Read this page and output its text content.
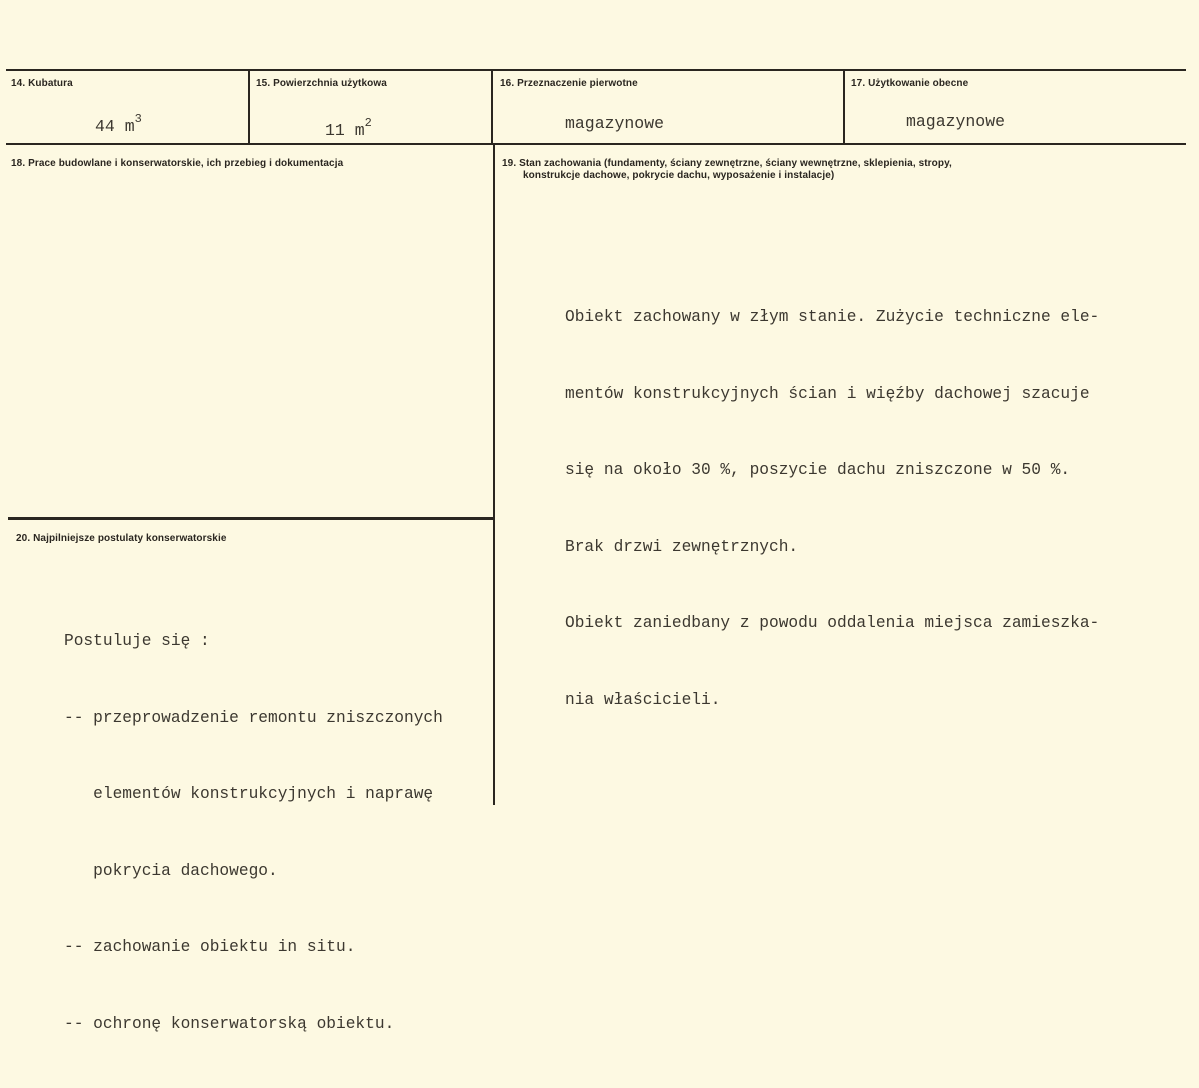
14. Kubatura
44 $m^3$
15. Powierzchnia użytkowa
11 $m^2$
16. Przeznaczenie pierwotne
magazynowe
17. Użytkowanie obecne
magazynowe
18. Prace budowlane i konserwatorskie, ich przebieg i dokumentacja	19. Stan zachowania (fundamenty, ściany zewnętrzne, ściany wewnętrzne, sklepienia, stropy,
konstrukcje dachowe, pokrycie dachu, wyposażenie i instalacje)

Obiekt zachowany w złym stanie. Zużycie techniczne ele-

mentów konstrukcyjnych ścian i więźby dachowej szacuje

się na około 30 %, poszycie dachu zniszczone w 50 %.

Brak drzwi zewnętrznych.

Obiekt zaniedbany z powodu oddalenia miejsca zamieszka-

nia właścicieli.

20. Najpilniejsze postulaty konserwatorskie

Postuluje się :

-- przeprowadzenie remontu zniszczonych

elementów konstrukcyjnych i naprawę

pokrycia dachowego.

-- zachowanie obiektu in situ.

-- ochronę konserwatorską obiektu.
